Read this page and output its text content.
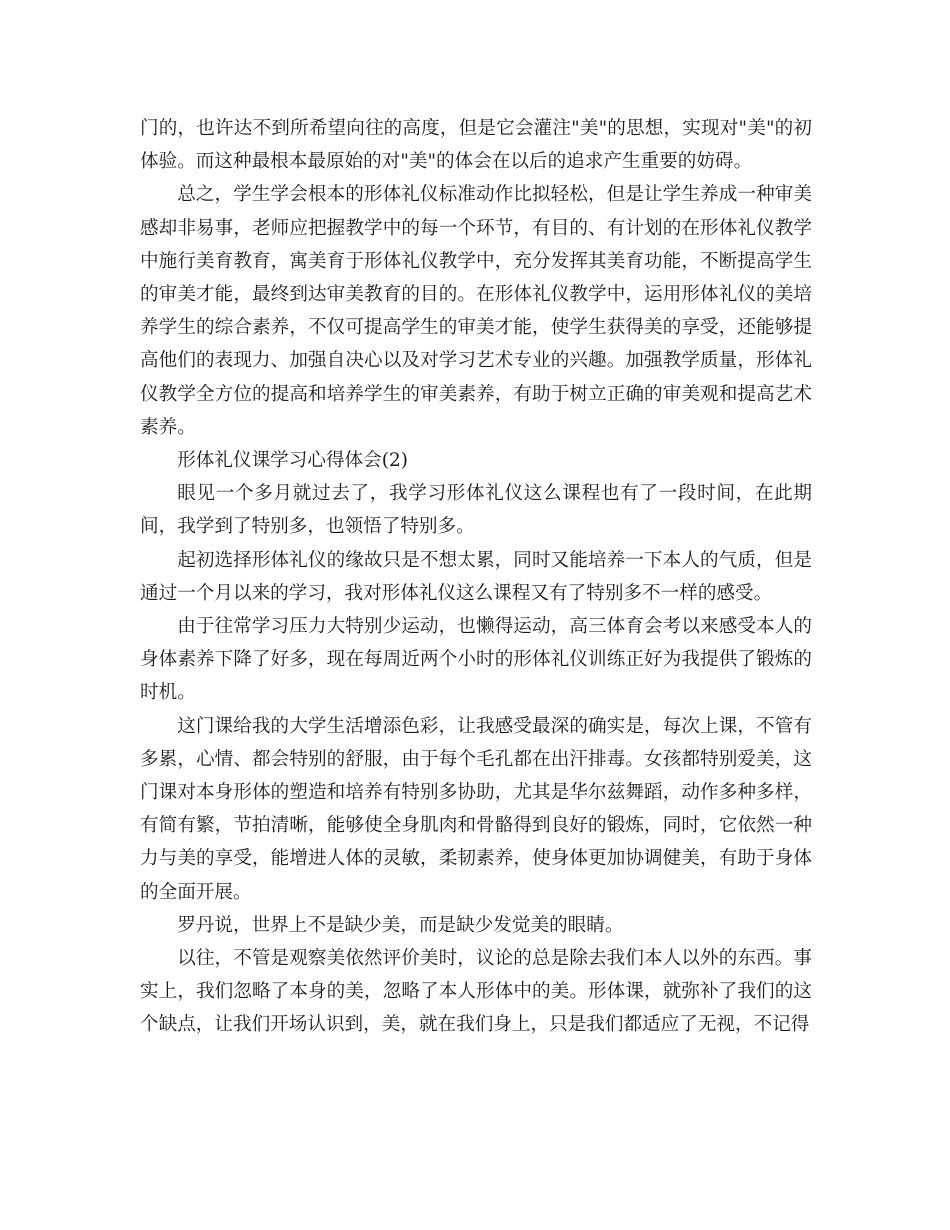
门的，也许达不到所希望向往的高度，但是它会灌注"美"的思想，实现对"美"的初体验。而这种最根本最原始的对"美"的体会在以后的追求产生重要的妨碍。

总之，学生学会根本的形体礼仪标准动作比拟轻松，但是让学生养成一种审美感却非易事，老师应把握教学中的每一个环节，有目的、有计划的在形体礼仪教学中施行美育教育，寓美育于形体礼仪教学中，充分发挥其美育功能，不断提高学生的审美才能，最终到达审美教育的目的。在形体礼仪教学中，运用形体礼仪的美培养学生的综合素养，不仅可提高学生的审美才能，使学生获得美的享受，还能够提高他们的表现力、加强自决心以及对学习艺术专业的兴趣。加强教学质量，形体礼仪教学全方位的提高和培养学生的审美素养，有助于树立正确的审美观和提高艺术素养。

形体礼仪课学习心得体会(2)

眼见一个多月就过去了，我学习形体礼仪这么课程也有了一段时间，在此期间，我学到了特别多，也领悟了特别多。

起初选择形体礼仪的缘故只是不想太累，同时又能培养一下本人的气质，但是通过一个月以来的学习，我对形体礼仪这么课程又有了特别多不一样的感受。

由于往常学习压力大特别少运动，也懒得运动，高三体育会考以来感受本人的身体素养下降了好多，现在每周近两个小时的形体礼仪训练正好为我提供了锻炼的时机。

这门课给我的大学生活增添色彩，让我感受最深的确实是，每次上课，不管有多累，心情、都会特别的舒服，由于每个毛孔都在出汗排毒。女孩都特别爱美，这门课对本身形体的塑造和培养有特别多协助，尤其是华尔兹舞蹈，动作多种多样，有简有繁，节拍清晰，能够使全身肌肉和骨骼得到良好的锻炼，同时，它依然一种力与美的享受，能增进人体的灵敏，柔韧素养，使身体更加协调健美，有助于身体的全面开展。

罗丹说，世界上不是缺少美，而是缺少发觉美的眼睛。

以往，不管是观察美依然评价美时，议论的总是除去我们本人以外的东西。事实上，我们忽略了本身的美，忽略了本人形体中的美。形体课，就弥补了我们的这个缺点，让我们开场认识到，美，就在我们身上，只是我们都适应了无视，不记得
